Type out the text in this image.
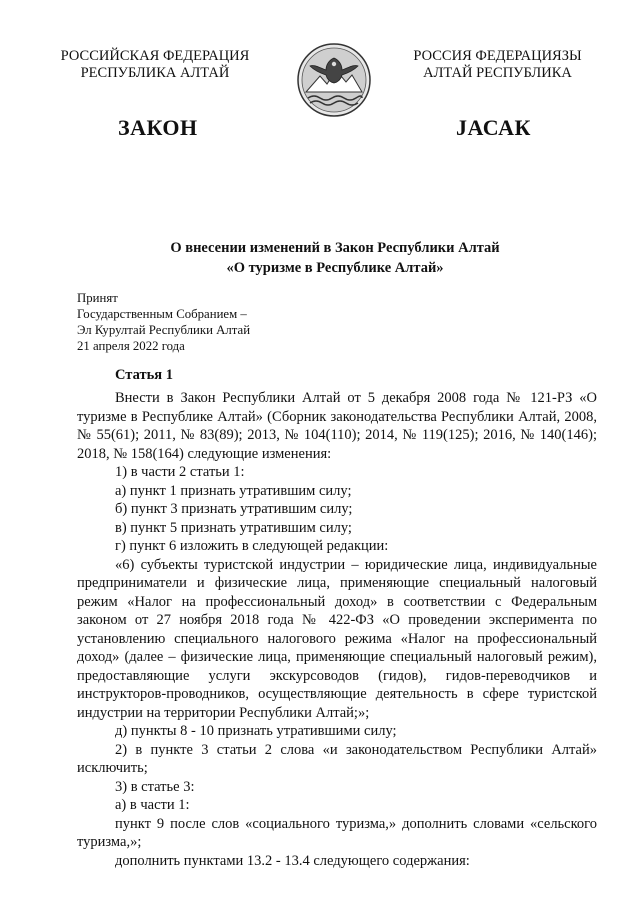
РОССИЙСКАЯ ФЕДЕРАЦИЯ
РЕСПУБЛИКА АЛТАЙ
РОССИЯ ФЕДЕРАЦИЯЗЫ
АЛТАЙ РЕСПУБЛИКА
ЗАКОН	JАСАК
О внесении изменений в Закон Республики Алтай
«О туризме в Республике Алтай»
Принят
Государственным Собранием –
Эл Курултай Республики Алтай
21 апреля 2022 года
Статья 1

Внести в Закон Республики Алтай от 5 декабря 2008 года № 121-РЗ «О туризме в Республике Алтай» (Сборник законодательства Республики Алтай, 2008, № 55(61); 2011, № 83(89); 2013, № 104(110); 2014, № 119(125); 2016, № 140(146); 2018, № 158(164) следующие изменения:

1) в части 2 статьи 1:

а) пункт 1 признать утратившим силу;

б) пункт 3 признать утратившим силу;

в) пункт 5 признать утратившим силу;

г) пункт 6 изложить в следующей редакции:

«6) субъекты туристской индустрии – юридические лица, индивидуальные предприниматели и физические лица, применяющие специальный налоговый режим «Налог на профессиональный доход» в соответствии с Федеральным законом от 27 ноября 2018 года № 422-ФЗ «О проведении эксперимента по установлению специального налогового режима «Налог на профессиональный доход» (далее – физические лица, применяющие специальный налоговый режим), предоставляющие услуги экскурсоводов (гидов), гидов-переводчиков и инструкторов-проводников, осуществляющие деятельность в сфере туристской индустрии на территории Республики Алтай;»;

д) пункты 8 - 10 признать утратившими силу;

2) в пункте 3 статьи 2 слова «и законодательством Республики Алтай» исключить;

3) в статье 3:

а) в части 1:

пункт 9 после слов «социального туризма,» дополнить словами «сельского туризма,»;

дополнить пунктами 13.2 - 13.4 следующего содержания:
